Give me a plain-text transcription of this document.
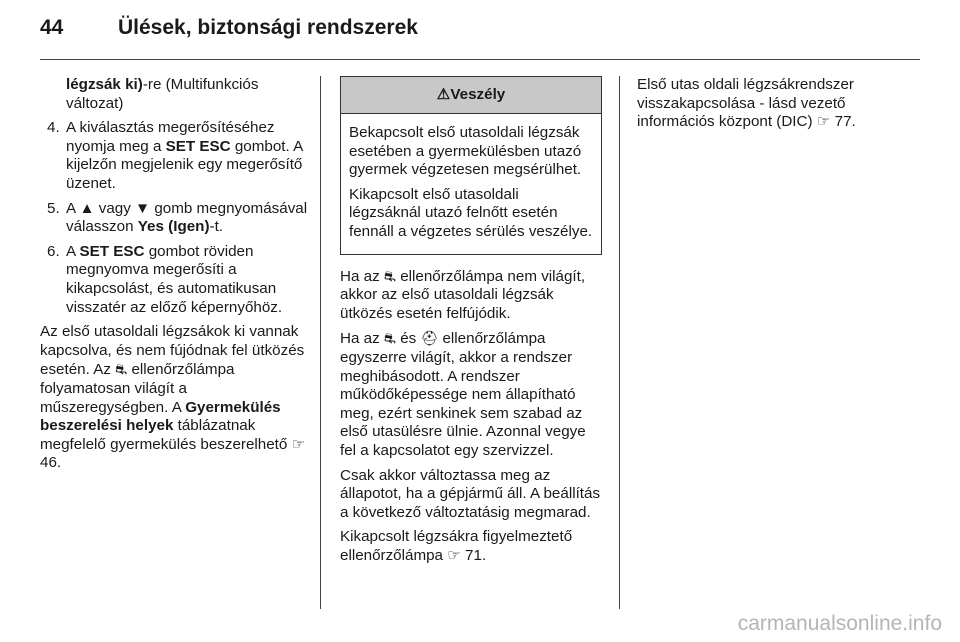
44	Ülések, biztonsági rendszerek

légzsák ki)-re (Multifunkciós változat)

4. A kiválasztás megerősítéséhez nyomja meg a SET ESC gombot. A kijelzőn megjelenik egy megerősítő üzenet.
5. A ▲ vagy ▼ gomb megnyomásával válasszon Yes (Igen)-t.
6. A SET ESC gombot röviden megnyomva megerősíti a kikapcsolást, és automatikusan visszatér az előző képernyőhöz.

Az első utasoldali légzsákok ki vannak kapcsolva, és nem fújódnak fel ütközés esetén. Az ⛐ ellenőrzőlámpa folyamatosan világít a műszeregységben. A Gyermekülés beszerelési helyek táblázatnak megfelelő gyermekülés beszerelhető ☞ 46.

⚠Veszély

Bekapcsolt első utasoldali légzsák esetében a gyermekülésben utazó gyermek végzetesen megsérülhet.

Kikapcsolt első utasoldali légzsáknál utazó felnőtt esetén fennáll a végzetes sérülés veszélye.

Ha az ⛐ ellenőrzőlámpa nem világít, akkor az első utasoldali légzsák ütközés esetén felfújódik.

Ha az ⛐ és ⛑ ellenőrzőlámpa egyszerre világít, akkor a rendszer meghibásodott. A rendszer működőképessége nem állapítható meg, ezért senkinek sem szabad az első utasülésre ülnie. Azonnal vegye fel a kapcsolatot egy szervizzel.

Csak akkor változtassa meg az állapotot, ha a gépjármű áll. A beállítás a következő változtatásig megmarad.

Kikapcsolt légzsákra figyelmeztető ellenőrzőlámpa ☞ 71.

Első utas oldali légzsákrendszer visszakapcsolása - lásd vezető információs központ (DIC) ☞ 77.

carmanualsonline.info
